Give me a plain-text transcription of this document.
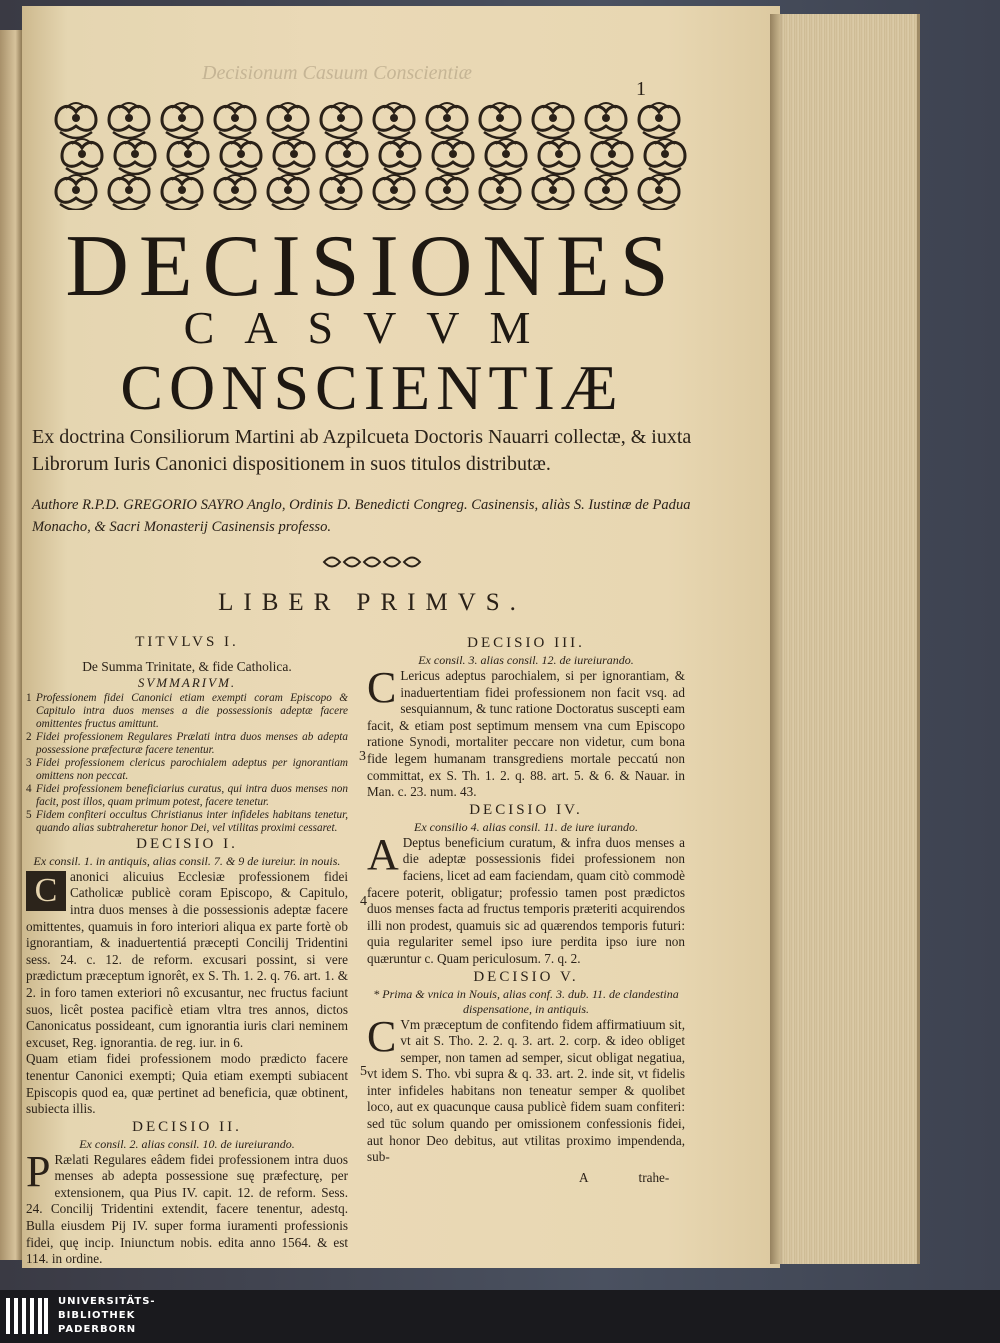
Decisionum Casuum Conscientiæ
1
DECISIONES
CASVVM
CONSCIENTIÆ
Ex doctrina Consiliorum Martini ab Azpilcueta Doctoris Nauarri collectæ, & iuxta Librorum Iuris Canonici dispositionem in suos titulos distributæ.
Authore R.P.D. GREGORIO SAYRO Anglo, Ordinis D. Benedicti Congreg. Casinensis, aliàs S. Iustinæ de Padua Monacho, & Sacri Monasterij Casinensis professo.
LIBER PRIMVS.
TITVLVS I.
De Summa Trinitate, & fide Catholica.
SVMMARIVM.
1 Professionem fidei Canonici etiam exempti coram Episcopo & Capitulo intra duos menses a die possessionis adeptæ facere omittentes fructus amittunt.
2 Fidei professionem Regulares Prælati intra duos menses ab adepta possessione præfecturæ facere tenentur.
3 Fidei professionem clericus parochialem adeptus per ignorantiam omittens non peccat.
4 Fidei professionem beneficiarius curatus, qui intra duos menses non facit, post illos, quam primum potest, facere tenetur.
5 Fidem confiteri occultus Christianus inter infideles habitans tenetur, quando alias subtraheretur honor Dei, vel vtilitas proximi cessaret.
DECISIO I.
Ex consil. 1. in antiquis, alias consil. 7. & 9 de iureiur. in nouis.
C anonici alicuius Ecclesiæ professionem fidei Catholicæ publicè coram Episcopo, & Capitulo, intra duos menses à die possessionis adeptæ facere omittentes, quamuis in foro interiori aliqua ex parte fortè ob ignorantiam, & inaduertentiá præcepti Concilij Tridentini sess. 24. c. 12. de reform. excusari possint, si vere prædictum præceptum ignorêt, ex S. Th. 1. 2. q. 76. art. 1. & 2. in foro tamen exteriori nô excusantur, nec fructus faciunt suos, licêt postea pacificè etiam vltra tres annos, dictos Canonicatus possideant, cum ignorantia iuris clari neminem excuset, Reg. ignorantia. de reg. iur. in 6.
Quam etiam fidei professionem modo prædicto facere tenentur Canonici exempti; Quia etiam exempti subiacent Episcopis quod ea, quæ pertinet ad beneficia, quæ obtinent, subiecta illis.
DECISIO II.
Ex consil. 2. alias consil. 10. de iureiurando.
P Rælati Regulares eâdem fidei professionem intra duos menses ab adepta possessione suę præfecturę, per extensionem, qua Pius IV. capit. 12. de reform. Sess. 24. Concilij Tridentini extendit, facere tenentur, adestq. Bulla eiusdem Pij IV. super forma iuramenti professionis fidei, quę incip. Iniunctum nobis. edita anno 1564. & est 114. in ordine.
DECISIO III.
Ex consil. 3. alias consil. 12. de iureiurando.
C Lericus adeptus parochialem, si per ignorantiam, & inaduertentiam fidei professionem non facit vsq. ad sesquiannum, & tunc ratione Doctoratus suscepti eam facit, & etiam post septimum mensem vna cum Episcopo ratione Synodi, mortaliter peccare non videtur, cum bona fide legem humanam transgrediens mortale peccatú non committat, ex S. Th. 1. 2. q. 88. art. 5. & 6. & Nauar. in Man. c. 23. num. 43.
DECISIO IV.
Ex consilio 4. alias consil. 11. de iure iurando.
A Deptus beneficium curatum, & infra duos menses a die adeptæ possessionis fidei professionem non faciens, licet ad eam faciendam, quam citò commodè facere poterit, obligatur; professio tamen post prædictos duos menses facta ad fructus temporis præteriti acquirendos illi non prodest, quamuis sic ad quærendos temporis futuri: quia regulariter semel ipso iure perdita ipso iure non quæruntur c. Quam periculosum. 7. q. 2.
DECISIO V.
* Prima & vnica in Nouis, alias conf. 3. dub. 11. de clandestina dispensatione, in antiquis.
C Vm præceptum de confitendo fidem affirmatiuum sit, vt ait S. Tho. 2. 2. q. 3. art. 2. corp. & ideo obliget semper, non tamen ad semper, sicut obligat negatiua, vt idem S. Tho. vbi supra & q. 33. art. 2. inde sit, vt fidelis inter infideles habitans non teneatur semper & quolibet loco, aut ex quacunque causa publicè fidem suam confiteri: sed tūc solum quando per omissionem confessionis fidei, aut honor Deo debitus, aut vtilitas proximo impendenda, sub-
3
4
5
A	trahe-
UNIVERSITÄTS-
BIBLIOTHEK
PADERBORN
